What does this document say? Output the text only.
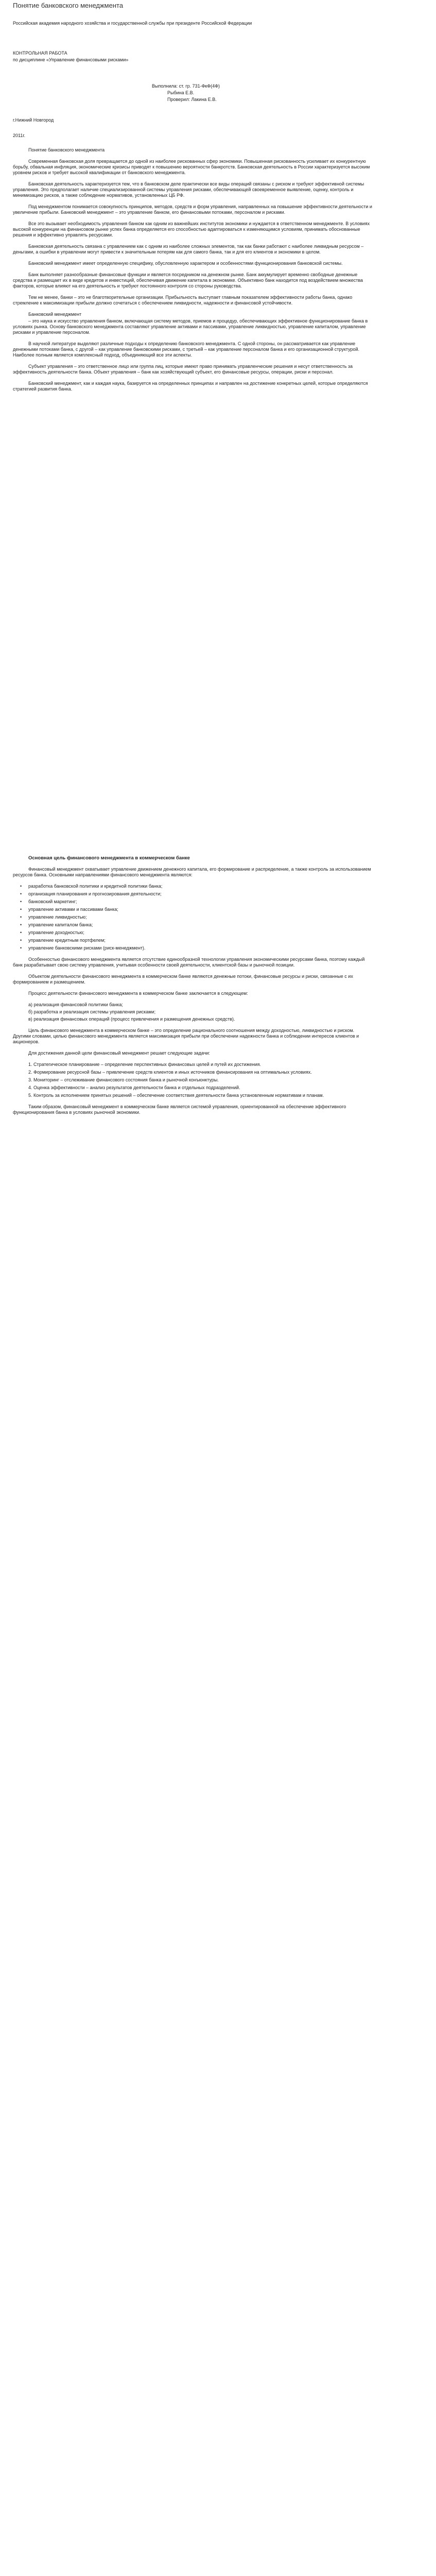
Понятие банковского менеджмента

Российская академия народного хозяйства и государственной службы при президенте Российской Федерации

КОНТРОЛЬНАЯ РАБОТА

по дисциплине «Управление финансовыми рисками»

Выполнила: ст. гр. 731-ФкФ(4Ф)

Рыбина Е.В.

Проверил: Лакина Е.В.

г.Нижний Новгород

2011г.

Понятие банковского менеджмента

Современная банковская доля превращается до одной из наиболее рискованных сфер экономики. Повышенная рискованность усиливает их конкурентную борьбу, обвальная инфляция, экономические кризисы приводят к повышению вероятности банкротств. Банковская деятельность в России характеризуется высоким уровнем рисков и требует высокой квалификации от банковского менеджмента.

Банковская деятельность характеризуется тем, что в банковском деле практически все виды операций связаны с риском и требуют эффективной системы управления. Это предполагает наличие специализированной системы управления рисками, обеспечивающей своевременное выявление, оценку, контроль и минимизацию рисков, а также соблюдение нормативов, установленных ЦБ РФ.

Под менеджментом понимается совокупность принципов, методов, средств и форм управления, направленных на повышение эффективности деятельности и увеличение прибыли. Банковский менеджмент – это управление банком, его финансовыми потоками, персоналом и рисками.

Все это вызывает необходимость управления банком как одним из важнейших институтов экономики и нуждается в ответственном менеджменте. В условиях высокой конкуренции на финансовом рынке успех банка определяется его способностью адаптироваться к изменяющимся условиям, принимать обоснованные решения и эффективно управлять ресурсами.

Банковская деятельность связана с управлением как с одним из наиболее сложных элементов, так как банки работают с наиболее ликвидным ресурсом – деньгами, а ошибки в управлении могут привести к значительным потерям как для самого банка, так и для его клиентов и экономики в целом.

Банковский менеджмент имеет определенную специфику, обусловленную характером и особенностями функционирования банковской системы.

Банк выполняет разнообразные финансовые функции и является посредником на денежном рынке. Банк аккумулирует временно свободные денежные средства и размещает их в виде кредитов и инвестиций, обеспечивая движение капитала в экономике. Объективно банк находится под воздействием множества факторов, которые влияют на его деятельность и требуют постоянного контроля со стороны руководства.

Тем не менее, банки – это не благотворительные организации. Прибыльность выступает главным показателем эффективности работы банка, однако стремление к максимизации прибыли должно сочетаться с обеспечением ликвидности, надежности и финансовой устойчивости.

Банковский менеджмент

– это наука и искусство управления банком, включающая систему методов, приемов и процедур, обеспечивающих эффективное функционирование банка в условиях рынка. Основу банковского менеджмента составляют управление активами и пассивами, управление ликвидностью, управление капиталом, управление рисками и управление персоналом.

В научной литературе выделяют различные подходы к определению банковского менеджмента. С одной стороны, он рассматривается как управление денежными потоками банка, с другой – как управление банковскими рисками, с третьей – как управление персоналом банка и его организационной структурой. Наиболее полным является комплексный подход, объединяющий все эти аспекты.

Субъект управления – это ответственное лицо или группа лиц, которые имеют право принимать управленческие решения и несут ответственность за эффективность деятельности банка. Объект управления – банк как хозяйствующий субъект, его финансовые ресурсы, операции, риски и персонал.

Банковский менеджмент, как и каждая наука, базируется на определенных принципах и направлен на достижение конкретных целей, которые определяются стратегией развития банка.

Основная цель финансового менеджмента в коммерческом банке

Финансовый менеджмент охватывает управление движением денежного капитала, его формирование и распределение, а также контроль за использованием ресурсов банка. Основными направлениями финансового менеджмента являются:

• разработка банковской политики и кредитной политики банка;

• организация планирования и прогнозирования деятельности;

• банковский маркетинг;

• управление активами и пассивами банка;

• управление ликвидностью;

• управление капиталом банка;

• управление доходностью;

• управление кредитным портфелем;

• управление банковскими рисками (риск-менеджмент).

Особенностью финансового менеджмента является отсутствие единообразной технологии управления экономическими ресурсами банка, поэтому каждый банк разрабатывает свою систему управления, учитывая особенности своей деятельности, клиентской базы и рыночной позиции.

Объектом деятельности финансового менеджмента в коммерческом банке являются денежные потоки, финансовые ресурсы и риски, связанные с их формированием и размещением.

Процесс деятельности финансового менеджмента в коммерческом банке заключается в следующем:

а) реализация финансовой политики банка;

б) разработка и реализация системы управления рисками;

в) реализация финансовых операций (процесс привлечения и размещения денежных средств).

Цель финансового менеджмента в коммерческом банке – это определение рационального соотношения между доходностью, ликвидностью и риском. Другими словами, целью финансового менеджмента является максимизация прибыли при обеспечении надежности банка и соблюдении интересов клиентов и акционеров.

Для достижения данной цели финансовый менеджмент решает следующие задачи:

1. Стратегическое планирование – определение перспективных финансовых целей и путей их достижения.

2. Формирование ресурсной базы – привлечение средств клиентов и иных источников финансирования на оптимальных условиях.

3. Мониторинг – отслеживание финансового состояния банка и рыночной конъюнктуры.

4. Оценка эффективности – анализ результатов деятельности банка и отдельных подразделений.

5. Контроль за исполнением принятых решений – обеспечение соответствия деятельности банка установленным нормативам и планам.

Таким образом, финансовый менеджмент в коммерческом банке является системой управления, ориентированной на обеспечение эффективного функционирования банка в условиях рыночной экономики.
